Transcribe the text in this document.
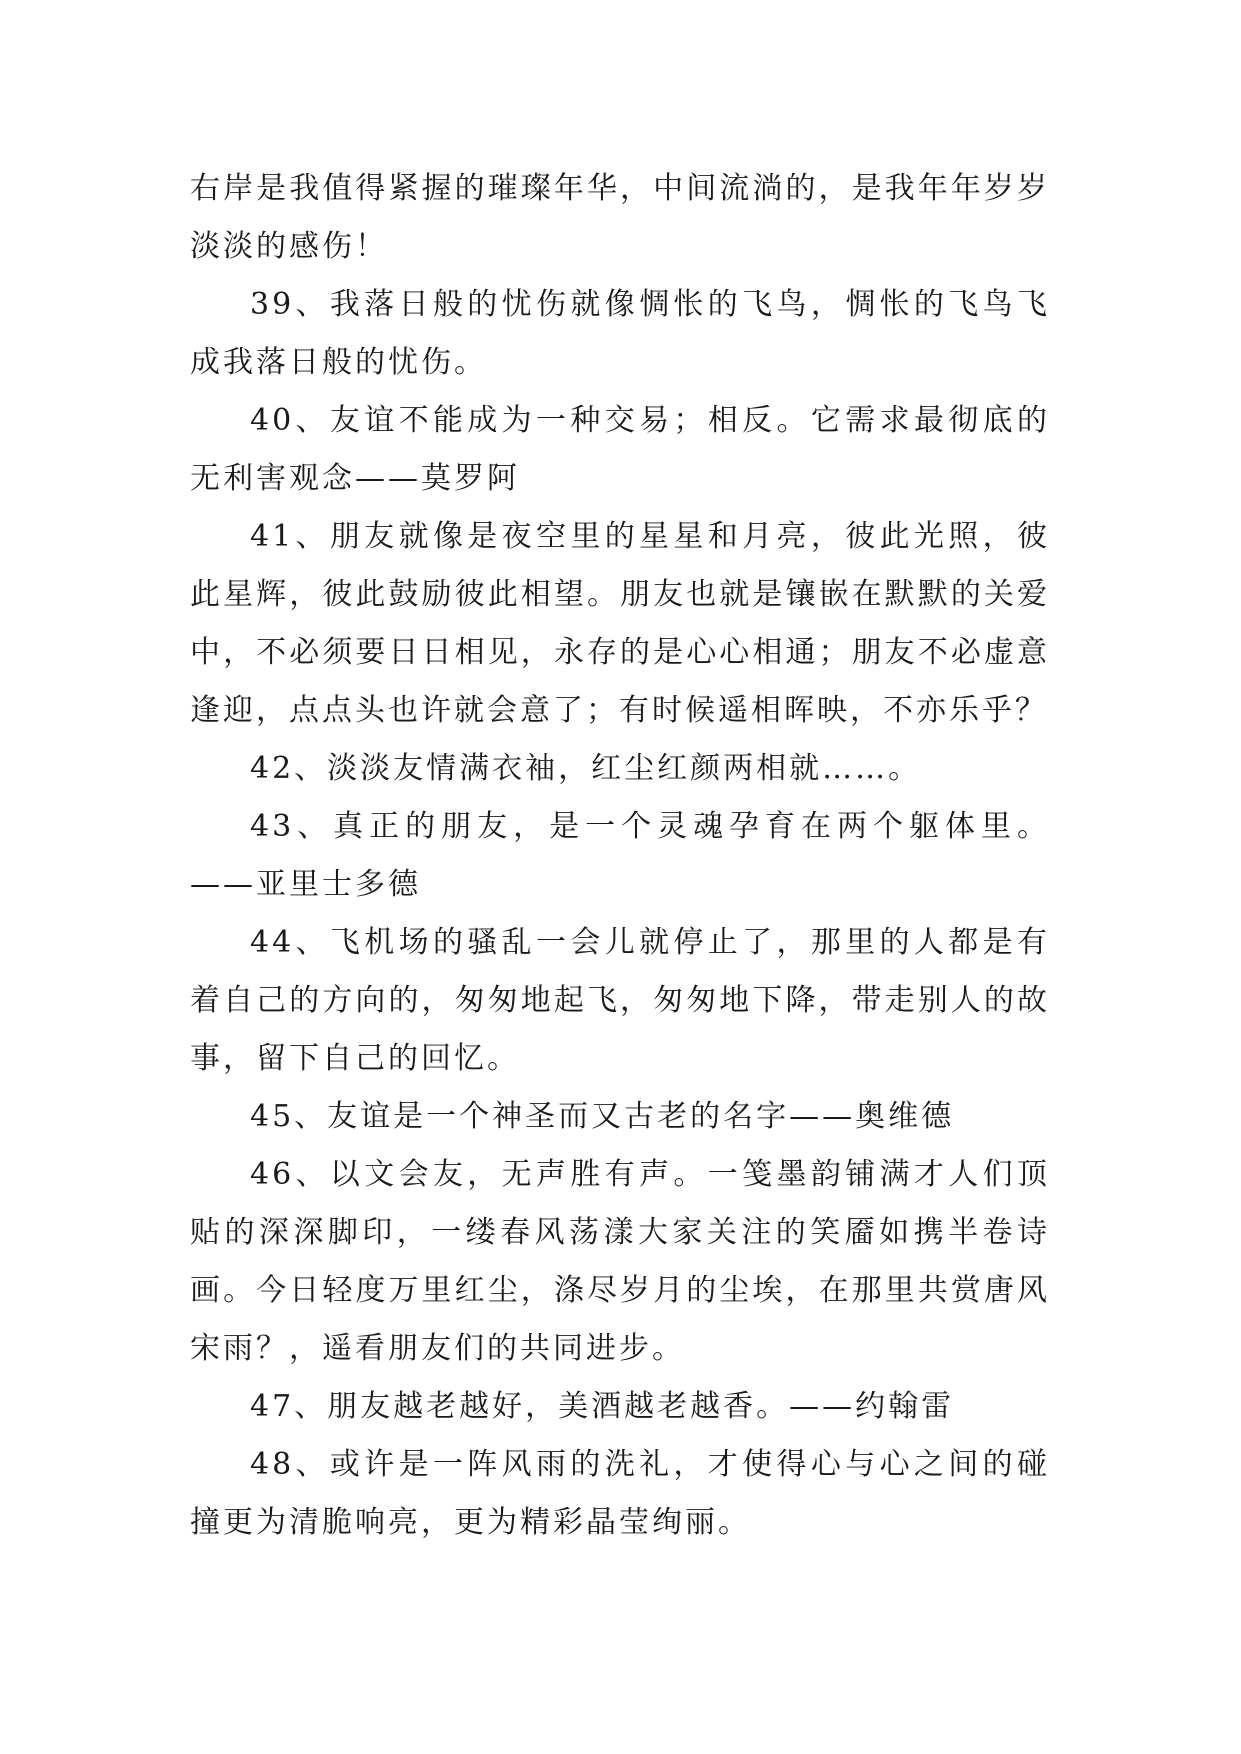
右岸是我值得紧握的璀璨年华，中间流淌的，是我年年岁岁淡淡的感伤！

39、我落日般的忧伤就像惆怅的飞鸟，惆怅的飞鸟飞成我落日般的忧伤。

40、友谊不能成为一种交易；相反。它需求最彻底的无利害观念——莫罗阿

41、朋友就像是夜空里的星星和月亮，彼此光照，彼此星辉，彼此鼓励彼此相望。朋友也就是镶嵌在默默的关爱中，不必须要日日相见，永存的是心心相通；朋友不必虚意逢迎，点点头也许就会意了；有时候遥相晖映，不亦乐乎？

42、淡淡友情满衣袖，红尘红颜两相就……。

43、真正的朋友，是一个灵魂孕育在两个躯体里。——亚里士多德

44、飞机场的骚乱一会儿就停止了，那里的人都是有着自己的方向的，匆匆地起飞，匆匆地下降，带走别人的故事，留下自己的回忆。

45、友谊是一个神圣而又古老的名字——奥维德

46、以文会友，无声胜有声。一笺墨韵铺满才人们顶贴的深深脚印，一缕春风荡漾大家关注的笑靥如携半卷诗画。今日轻度万里红尘，涤尽岁月的尘埃，在那里共赏唐风宋雨？，遥看朋友们的共同进步。

47、朋友越老越好，美酒越老越香。——约翰雷

48、或许是一阵风雨的洗礼，才使得心与心之间的碰撞更为清脆响亮，更为精彩晶莹绚丽。
